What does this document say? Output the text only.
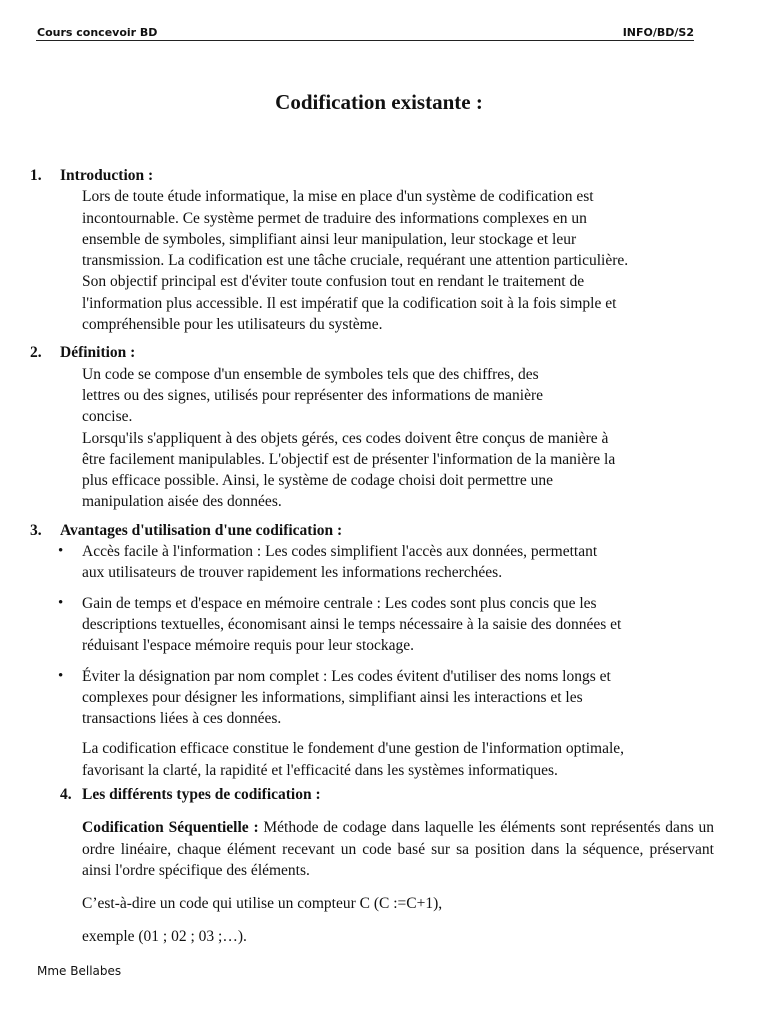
Cours concevoir BD	INFO/BD/S2
Codification existante :
1. Introduction :
Lors de toute étude informatique, la mise en place d'un système de codification est
incontournable. Ce système permet de traduire des informations complexes en un
ensemble de symboles, simplifiant ainsi leur manipulation, leur stockage et leur
transmission. La codification est une tâche cruciale, requérant une attention particulière.
Son objectif principal est d'éviter toute confusion tout en rendant le traitement de
l'information plus accessible. Il est impératif que la codification soit à la fois simple et
compréhensible pour les utilisateurs du système.
2. Définition :
Un code se compose d'un ensemble de symboles tels que des chiffres, des
lettres ou des signes, utilisés pour représenter des informations de manière
concise.
Lorsqu'ils s'appliquent à des objets gérés, ces codes doivent être conçus de manière à
être facilement manipulables. L'objectif est de présenter l'information de la manière la
plus efficace possible. Ainsi, le système de codage choisi doit permettre une
manipulation aisée des données.
3. Avantages d'utilisation d'une codification :
• Accès facile à l'information : Les codes simplifient l'accès aux données, permettant
aux utilisateurs de trouver rapidement les informations recherchées.
• Gain de temps et d'espace en mémoire centrale : Les codes sont plus concis que les
descriptions textuelles, économisant ainsi le temps nécessaire à la saisie des données et
réduisant l'espace mémoire requis pour leur stockage.
• Éviter la désignation par nom complet : Les codes évitent d'utiliser des noms longs et
complexes pour désigner les informations, simplifiant ainsi les interactions et les
transactions liées à ces données.
La codification efficace constitue le fondement d'une gestion de l'information optimale,
favorisant la clarté, la rapidité et l'efficacité dans les systèmes informatiques.
4. Les différents types de codification :
Codification Séquentielle : Méthode de codage dans laquelle les éléments sont représentés dans un ordre linéaire, chaque élément recevant un code basé sur sa position dans la séquence, préservant ainsi l'ordre spécifique des éléments.
C’est-à-dire un code qui utilise un compteur C (C :=C+1),
exemple (01 ; 02 ; 03 ;…).
Mme Bellabes
